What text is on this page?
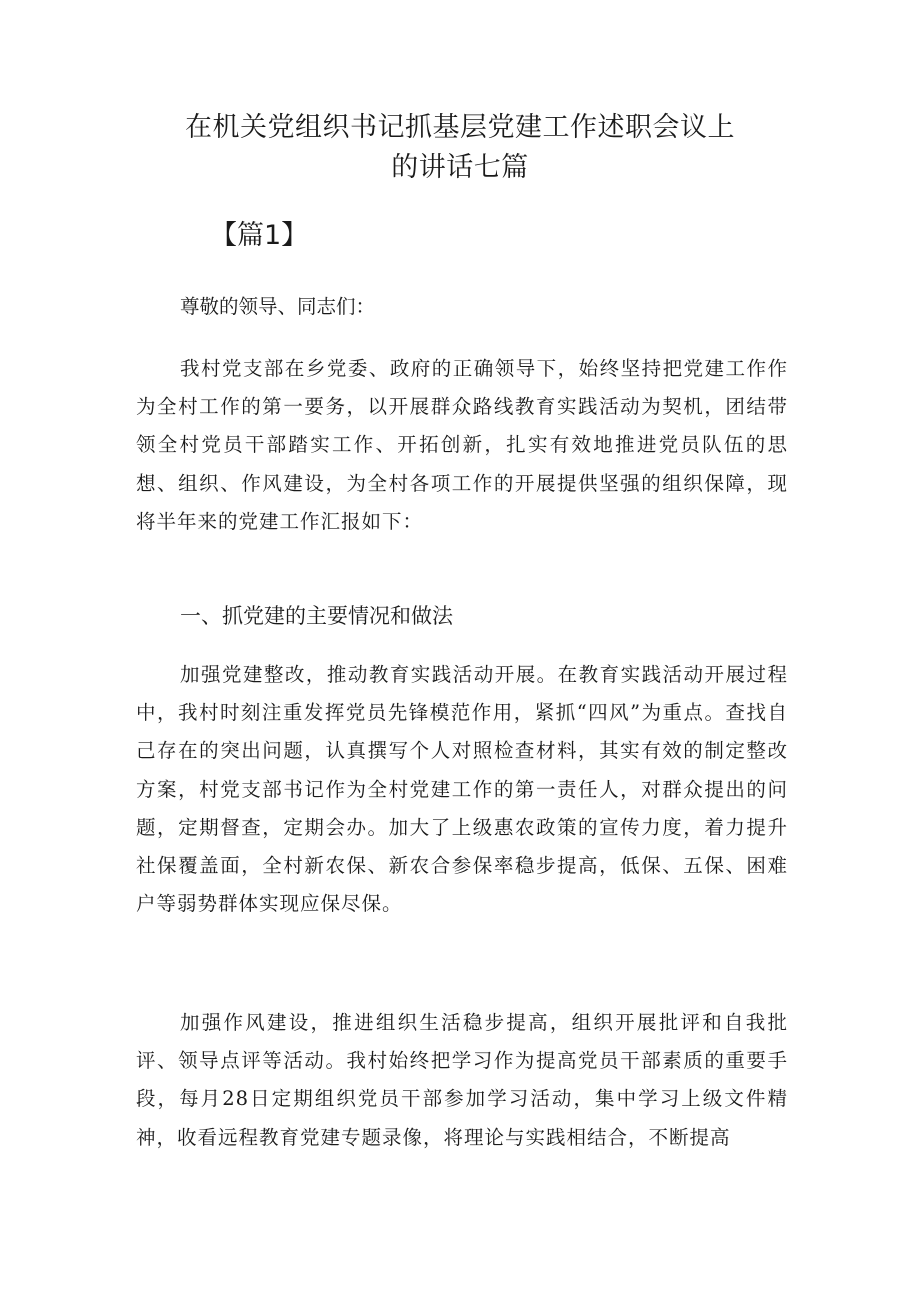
在机关党组织书记抓基层党建工作述职会议上
的讲话七篇
【篇1】
尊敬的领导、同志们：

我村党支部在乡党委、政府的正确领导下，始终坚持把党建工作作为全村工作的第一要务，以开展群众路线教育实践活动为契机，团结带领全村党员干部踏实工作、开拓创新，扎实有效地推进党员队伍的思想、组织、作风建设，为全村各项工作的开展提供坚强的组织保障，现将半年来的党建工作汇报如下：

一、抓党建的主要情况和做法

加强党建整改，推动教育实践活动开展。在教育实践活动开展过程中，我村时刻注重发挥党员先锋模范作用，紧抓“四风”为重点。查找自己存在的突出问题，认真撰写个人对照检查材料，其实有效的制定整改方案，村党支部书记作为全村党建工作的第一责任人，对群众提出的问题，定期督查，定期会办。加大了上级惠农政策的宣传力度，着力提升社保覆盖面，全村新农保、新农合参保率稳步提高，低保、五保、困难户等弱势群体实现应保尽保。

加强作风建设，推进组织生活稳步提高，组织开展批评和自我批评、领导点评等活动。我村始终把学习作为提高党员干部素质的重要手段，每月28日定期组织党员干部参加学习活动，集中学习上级文件精神，收看远程教育党建专题录像，将理论与实践相结合，不断提高
